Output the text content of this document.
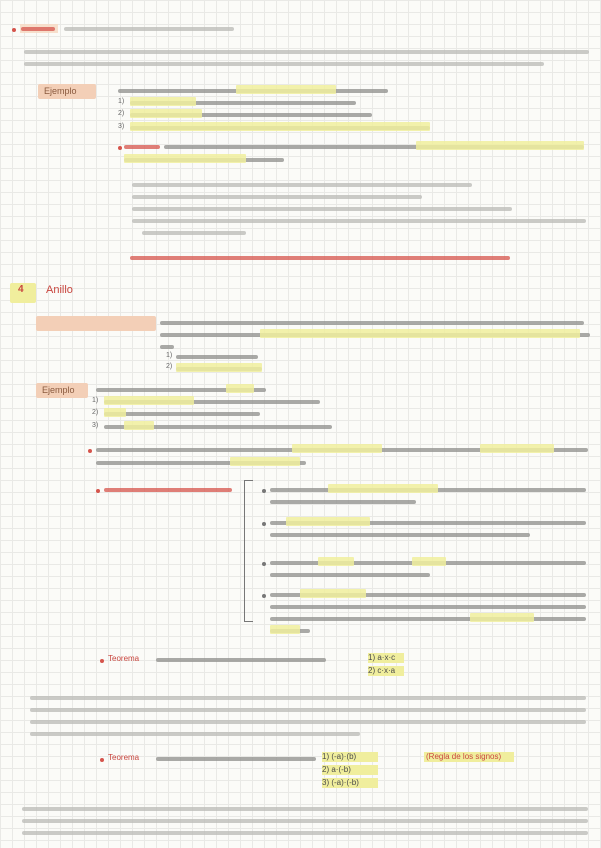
Ejemplo
1)
2)
3)
4 Anillo
1)
2)
Ejemplo
1)
2)
3)
Teorema	1) a·x·c
2) c·x·a
Teorema	1) (-a)·(b)	(Regla de los signos)
2) a·(-b)
3) (-a)·(-b)
